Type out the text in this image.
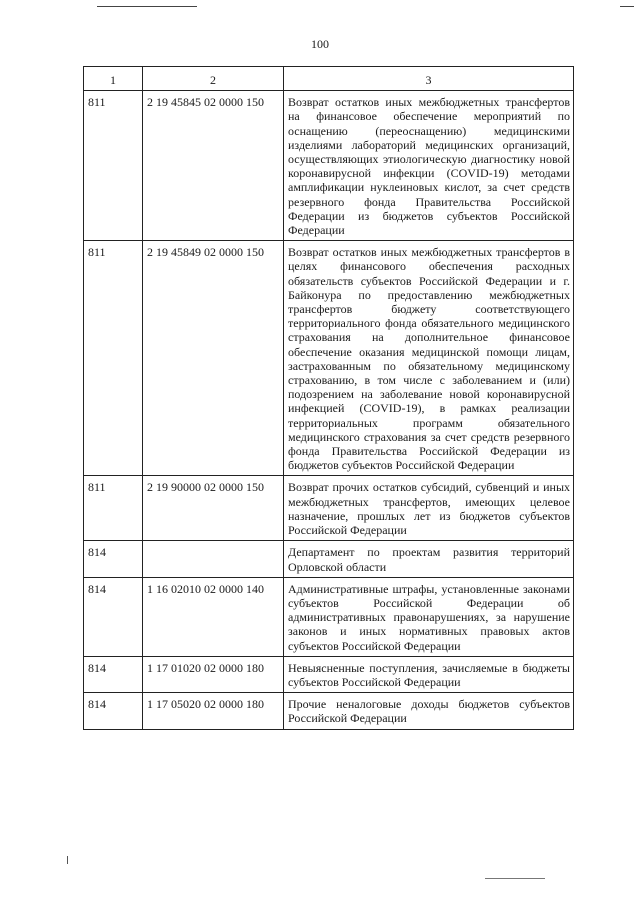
100
1	2	3
811	2 19 45845 02 0000 150	Возврат остатков иных межбюджетных трансфертов на финансовое обеспечение мероприятий по оснащению (переоснащению) медицинскими изделиями лабораторий медицинских организаций, осуществляющих этиологическую диагностику новой коронавирусной инфекции (COVID-19) методами амплификации нуклеиновых кислот, за счет средств резервного фонда Правительства Российской Федерации из бюджетов субъектов Российской Федерации
811	2 19 45849 02 0000 150	Возврат остатков иных межбюджетных трансфертов в целях финансового обеспечения расходных обязательств субъектов Российской Федерации и г. Байконура по предоставлению межбюджетных трансфертов бюджету соответствующего территориального фонда обязательного медицинского страхования на дополнительное финансовое обеспечение оказания медицинской помощи лицам, застрахованным по обязательному медицинскому страхованию, в том числе с заболеванием и (или) подозрением на заболевание новой коронавирусной инфекцией (COVID-19), в рамках реализации территориальных программ обязательного медицинского страхования за счет средств резервного фонда Правительства Российской Федерации из бюджетов субъектов Российской Федерации
811	2 19 90000 02 0000 150	Возврат прочих остатков субсидий, субвенций и иных межбюджетных трансфертов, имеющих целевое назначение, прошлых лет из бюджетов субъектов Российской Федерации
814		Департамент по проектам развития территорий Орловской области
814	1 16 02010 02 0000 140	Административные штрафы, установленные законами субъектов Российской Федерации об административных правонарушениях, за нарушение законов и иных нормативных правовых актов субъектов Российской Федерации
814	1 17 01020 02 0000 180	Невыясненные поступления, зачисляемые в бюджеты субъектов Российской Федерации
814	1 17 05020 02 0000 180	Прочие неналоговые доходы бюджетов субъектов Российской Федерации
